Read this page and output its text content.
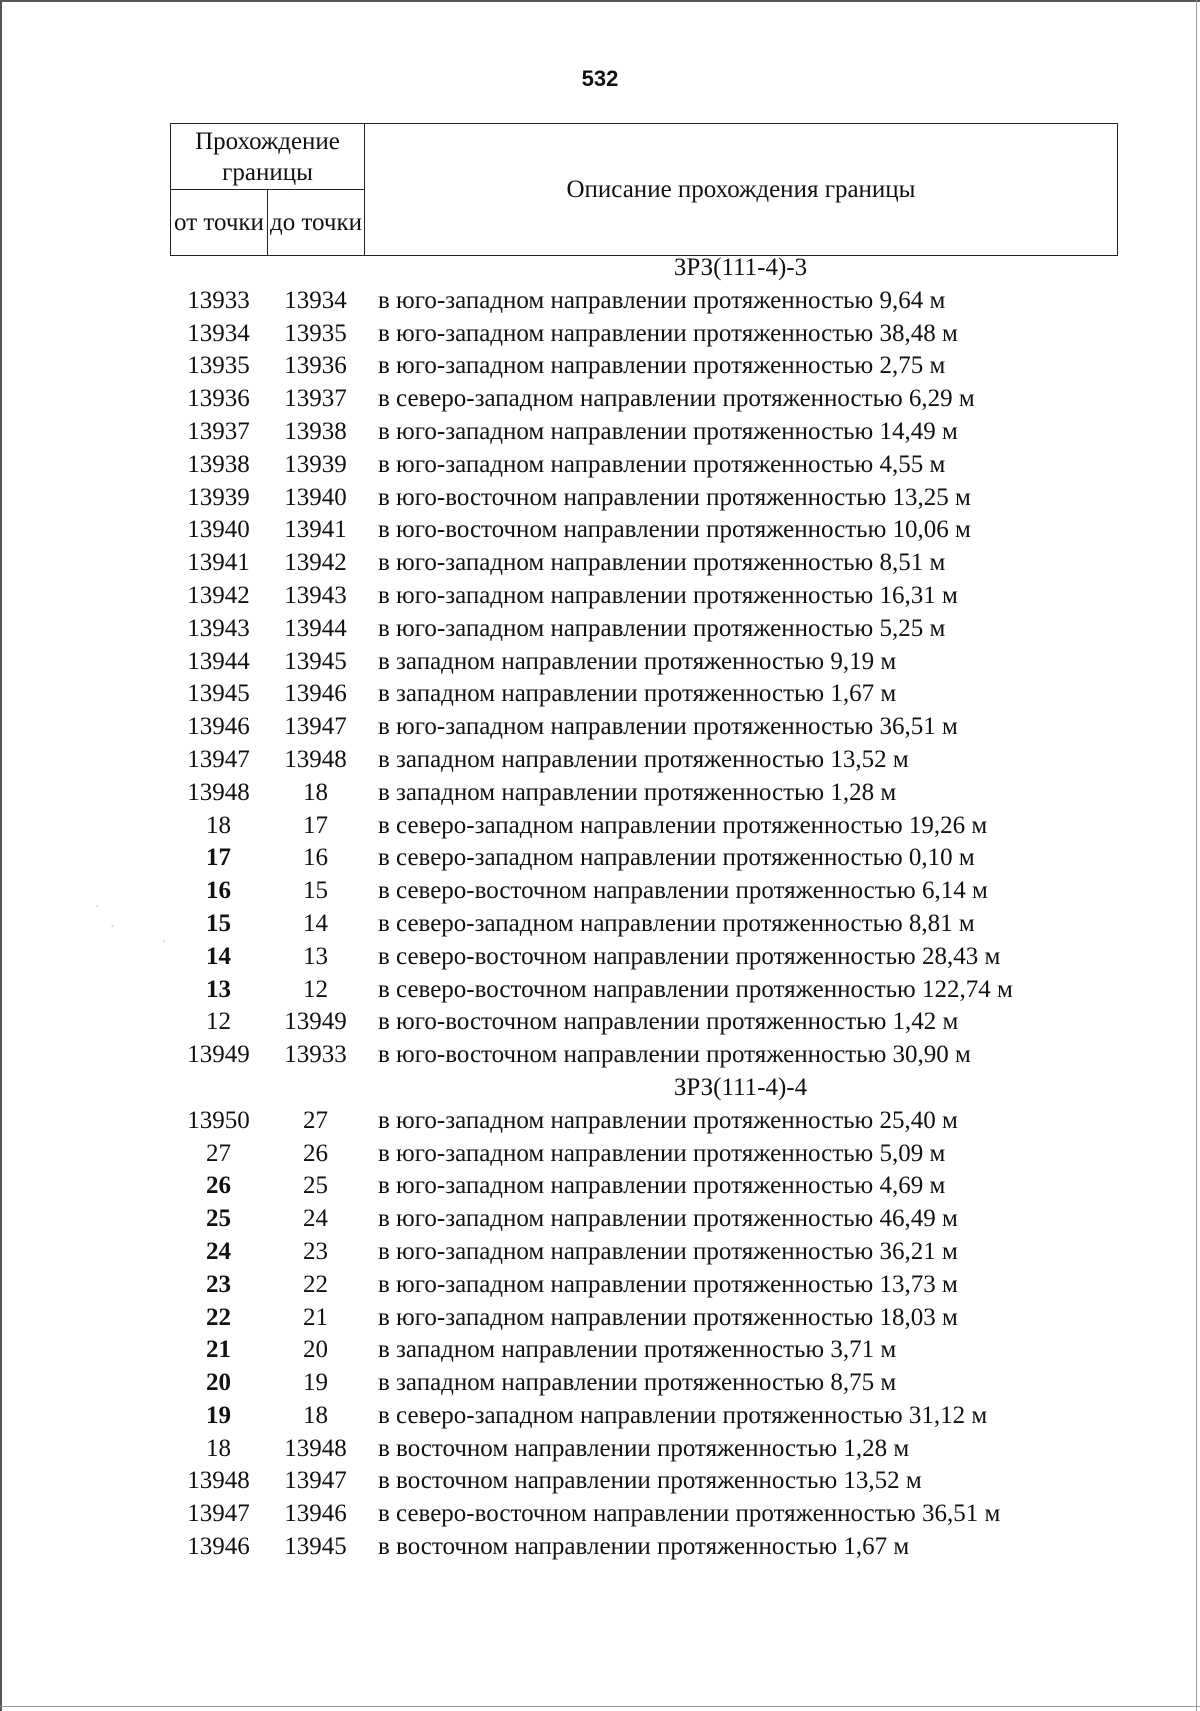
532
Прохождение границы		Описание прохождения границы
от точки	до точки	
ЗРЗ(111-4)-3
13933	13934	в юго-западном направлении протяженностью 9,64 м
13934	13935	в юго-западном направлении протяженностью 38,48 м
13935	13936	в юго-западном направлении протяженностью 2,75 м
13936	13937	в северо-западном направлении протяженностью 6,29 м
13937	13938	в юго-западном направлении протяженностью 14,49 м
13938	13939	в юго-западном направлении протяженностью 4,55 м
13939	13940	в юго-восточном направлении протяженностью 13,25 м
13940	13941	в юго-восточном направлении протяженностью 10,06 м
13941	13942	в юго-западном направлении протяженностью 8,51 м
13942	13943	в юго-западном направлении протяженностью 16,31 м
13943	13944	в юго-западном направлении протяженностью 5,25 м
13944	13945	в западном направлении протяженностью 9,19 м
13945	13946	в западном направлении протяженностью 1,67 м
13946	13947	в юго-западном направлении протяженностью 36,51 м
13947	13948	в западном направлении протяженностью 13,52 м
13948	18	в западном направлении протяженностью 1,28 м
18	17	в северо-западном направлении протяженностью 19,26 м
17	16	в северо-западном направлении протяженностью 0,10 м
16	15	в северо-восточном направлении протяженностью 6,14 м
15	14	в северо-западном направлении протяженностью 8,81 м
14	13	в северо-восточном направлении протяженностью 28,43 м
13	12	в северо-восточном направлении протяженностью 122,74 м
12	13949	в юго-восточном направлении протяженностью 1,42 м
13949	13933	в юго-восточном направлении протяженностью 30,90 м
ЗРЗ(111-4)-4
13950	27	в юго-западном направлении протяженностью 25,40 м
27	26	в юго-западном направлении протяженностью 5,09 м
26	25	в юго-западном направлении протяженностью 4,69 м
25	24	в юго-западном направлении протяженностью 46,49 м
24	23	в юго-западном направлении протяженностью 36,21 м
23	22	в юго-западном направлении протяженностью 13,73 м
22	21	в юго-западном направлении протяженностью 18,03 м
21	20	в западном направлении протяженностью 3,71 м
20	19	в западном направлении протяженностью 8,75 м
19	18	в северо-западном направлении протяженностью 31,12 м
18	13948	в восточном направлении протяженностью 1,28 м
13948	13947	в восточном направлении протяженностью 13,52 м
13947	13946	в северо-восточном направлении протяженностью 36,51 м
13946	13945	в восточном направлении протяженностью 1,67 м
·
·
·
